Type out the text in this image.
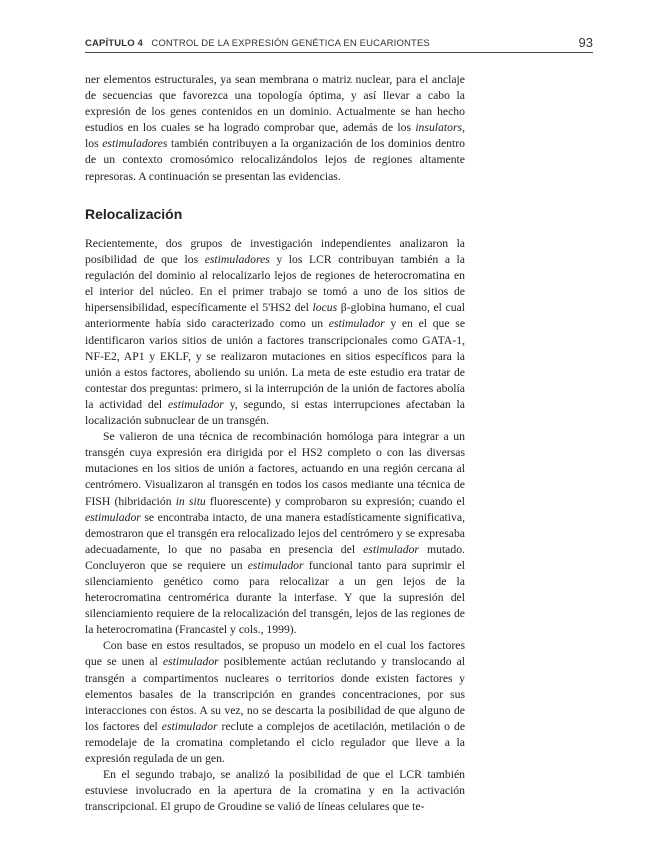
CAPÍTULO 4 CONTROL DE LA EXPRESIÓN GENÉTICA EN EUCARIONTES	93

ner elementos estructurales, ya sean membrana o matriz nuclear, para el anclaje de secuencias que favorezca una topología óptima, y así llevar a cabo la expresión de los genes contenidos en un dominio. Actualmente se han hecho estudios en los cuales se ha logrado comprobar que, además de los insulators, los estimuladores también contribuyen a la organización de los dominios dentro de un contexto cromosómico relocalizándolos lejos de regiones altamente represoras. A continuación se presentan las evidencias.

Relocalización

Recientemente, dos grupos de investigación independientes analizaron la posibilidad de que los estimuladores y los LCR contribuyan también a la regulación del dominio al relocalizarlo lejos de regiones de heterocromatina en el interior del núcleo. En el primer trabajo se tomó a uno de los sitios de hipersensibilidad, específicamente el 5'HS2 del locus β-globina humano, el cual anteriormente había sido caracterizado como un estimulador y en el que se identificaron varios sitios de unión a factores transcripcionales como GATA-1, NF-E2, AP1 y EKLF, y se realizaron mutaciones en sitios específicos para la unión a estos factores, aboliendo su unión. La meta de este estudio era tratar de contestar dos preguntas: primero, si la interrupción de la unión de factores abolía la actividad del estimulador y, segundo, si estas interrupciones afectaban la localización subnuclear de un transgén.

Se valieron de una técnica de recombinación homóloga para integrar a un transgén cuya expresión era dirigida por el HS2 completo o con las diversas mutaciones en los sitios de unión a factores, actuando en una región cercana al centrómero. Visualizaron al transgén en todos los casos mediante una técnica de FISH (hibridación in situ fluorescente) y comprobaron su expresión; cuando el estimulador se encontraba intacto, de una manera estadísticamente significativa, demostraron que el transgén era relocalizado lejos del centrómero y se expresaba adecuadamente, lo que no pasaba en presencia del estimulador mutado. Concluyeron que se requiere un estimulador funcional tanto para suprimir el silenciamiento genético como para relocalizar a un gen lejos de la heterocromatina centromérica durante la interfase. Y que la supresión del silenciamiento requiere de la relocalización del transgén, lejos de las regiones de la heterocromatina (Francastel y cols., 1999).

Con base en estos resultados, se propuso un modelo en el cual los factores que se unen al estimulador posiblemente actúan reclutando y translocando al transgén a compartimentos nucleares o territorios donde existen factores y elementos basales de la transcripción en grandes concentraciones, por sus interacciones con éstos. A su vez, no se descarta la posibilidad de que alguno de los factores del estimulador reclute a complejos de acetilación, metilación o de remodelaje de la cromatina completando el ciclo regulador que lleve a la expresión regulada de un gen.

En el segundo trabajo, se analizó la posibilidad de que el LCR también estuviese involucrado en la apertura de la cromatina y en la activación transcripcional. El grupo de Groudine se valió de líneas celulares que te-
